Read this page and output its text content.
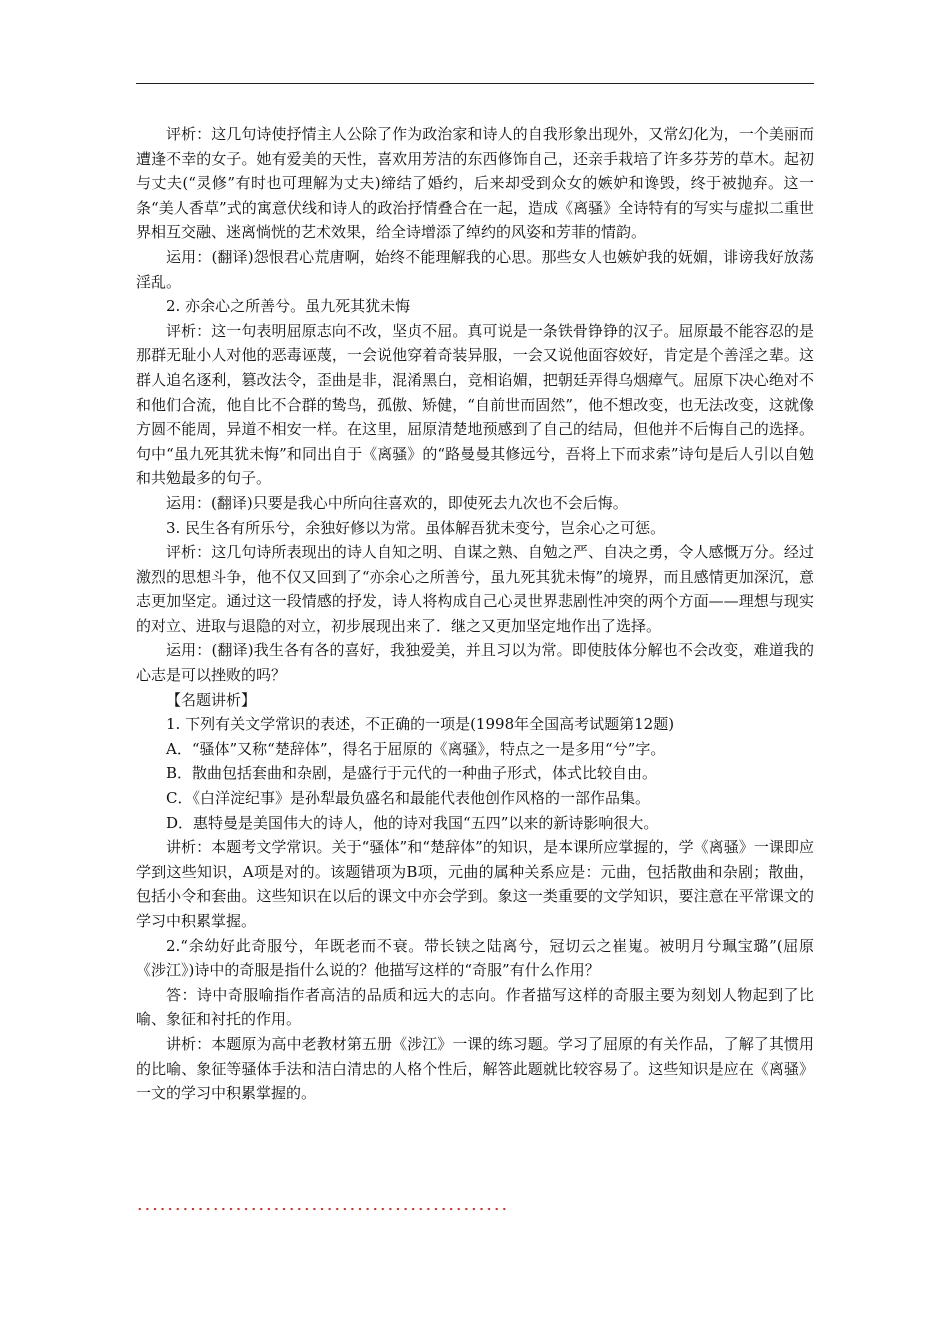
评析：这几句诗使抒情主人公除了作为政治家和诗人的自我形象出现外，又常幻化为，一个美丽而遭逢不幸的女子。她有爱美的天性，喜欢用芳洁的东西修饰自己，还亲手栽培了许多芬芳的草木。起初与丈夫(“灵修”有时也可理解为丈夫)缔结了婚约，后来却受到众女的嫉妒和谗毁，终于被抛弃。这一条“美人香草”式的寓意伏线和诗人的政治抒情叠合在一起，造成《离骚》全诗特有的写实与虚拟二重世界相互交融、迷离惝恍的艺术效果，给全诗增添了绰约的风姿和芳菲的情韵。

运用：(翻译)怨恨君心荒唐啊，始终不能理解我的心思。那些女人也嫉妒我的妩媚，诽谤我好放荡淫乱。

2. 亦余心之所善兮。虽九死其犹未悔

评析：这一句表明屈原志向不改，坚贞不屈。真可说是一条铁骨铮铮的汉子。屈原最不能容忍的是那群无耻小人对他的恶毒诬蔑，一会说他穿着奇装异服，一会又说他面容姣好，肯定是个善淫之辈。这群人追名逐利，篡改法令，歪曲是非，混淆黑白，竞相谄媚，把朝廷弄得乌烟瘴气。屈原下决心绝对不和他们合流，他自比不合群的鸷鸟，孤傲、矫健，“自前世而固然”，他不想改变，也无法改变，这就像方圆不能周，异道不相安一样。在这里，屈原清楚地预感到了自己的结局，但他并不后悔自己的选择。句中“虽九死其犹未悔”和同出自于《离骚》的“路曼曼其修远兮，吾将上下而求索”诗句是后人引以自勉和共勉最多的句子。

运用：(翻译)只要是我心中所向往喜欢的，即使死去九次也不会后悔。

3. 民生各有所乐兮，余独好修以为常。虽体解吾犹未变兮，岂余心之可惩。

评析：这几句诗所表现出的诗人自知之明、自谋之熟、自勉之严、自决之勇，令人感慨万分。经过激烈的思想斗争，他不仅又回到了“亦余心之所善兮，虽九死其犹未悔”的境界，而且感情更加深沉，意志更加坚定。通过这一段情感的抒发，诗人将构成自己心灵世界悲剧性冲突的两个方面——理想与现实的对立、进取与退隐的对立，初步展现出来了．继之又更加坚定地作出了选择。

运用：(翻译)我生各有各的喜好，我独爱美，并且习以为常。即使肢体分解也不会改变，难道我的心志是可以挫败的吗？

【名题讲析】

1. 下列有关文学常识的表述，不正确的一项是(1998年全国高考试题第12题)

A．“骚体”又称“楚辞体”，得名于屈原的《离骚》，特点之一是多用“兮”字。

B．散曲包括套曲和杂剧，是盛行于元代的一种曲子形式，体式比较自由。

C．《白洋淀纪事》是孙犁最负盛名和最能代表他创作风格的一部作品集。

D．惠特曼是美国伟大的诗人，他的诗对我国“五四”以来的新诗影响很大。

讲析：本题考文学常识。关于“骚体”和“楚辞体”的知识，是本课所应掌握的，学《离骚》一课即应学到这些知识，A项是对的。该题错项为B项，元曲的属种关系应是：元曲，包括散曲和杂剧；散曲，包括小令和套曲。这些知识在以后的课文中亦会学到。象这一类重要的文学知识，要注意在平常课文的学习中积累掌握。

2.“余幼好此奇服兮，年既老而不衰。带长铗之陆离兮，冠切云之崔嵬。被明月兮珮宝璐”(屈原《涉江》)诗中的奇服是指什么说的？他描写这样的“奇服”有什么作用？

答：诗中奇服喻指作者高洁的品质和远大的志向。作者描写这样的奇服主要为刻划人物起到了比喻、象征和衬托的作用。

讲析：本题原为高中老教材第五册《涉江》一课的练习题。学习了屈原的有关作品，了解了其惯用的比喻、象征等骚体手法和洁白清忠的人格个性后，解答此题就比较容易了。这些知识是应在《离骚》一文的学习中积累掌握的。
